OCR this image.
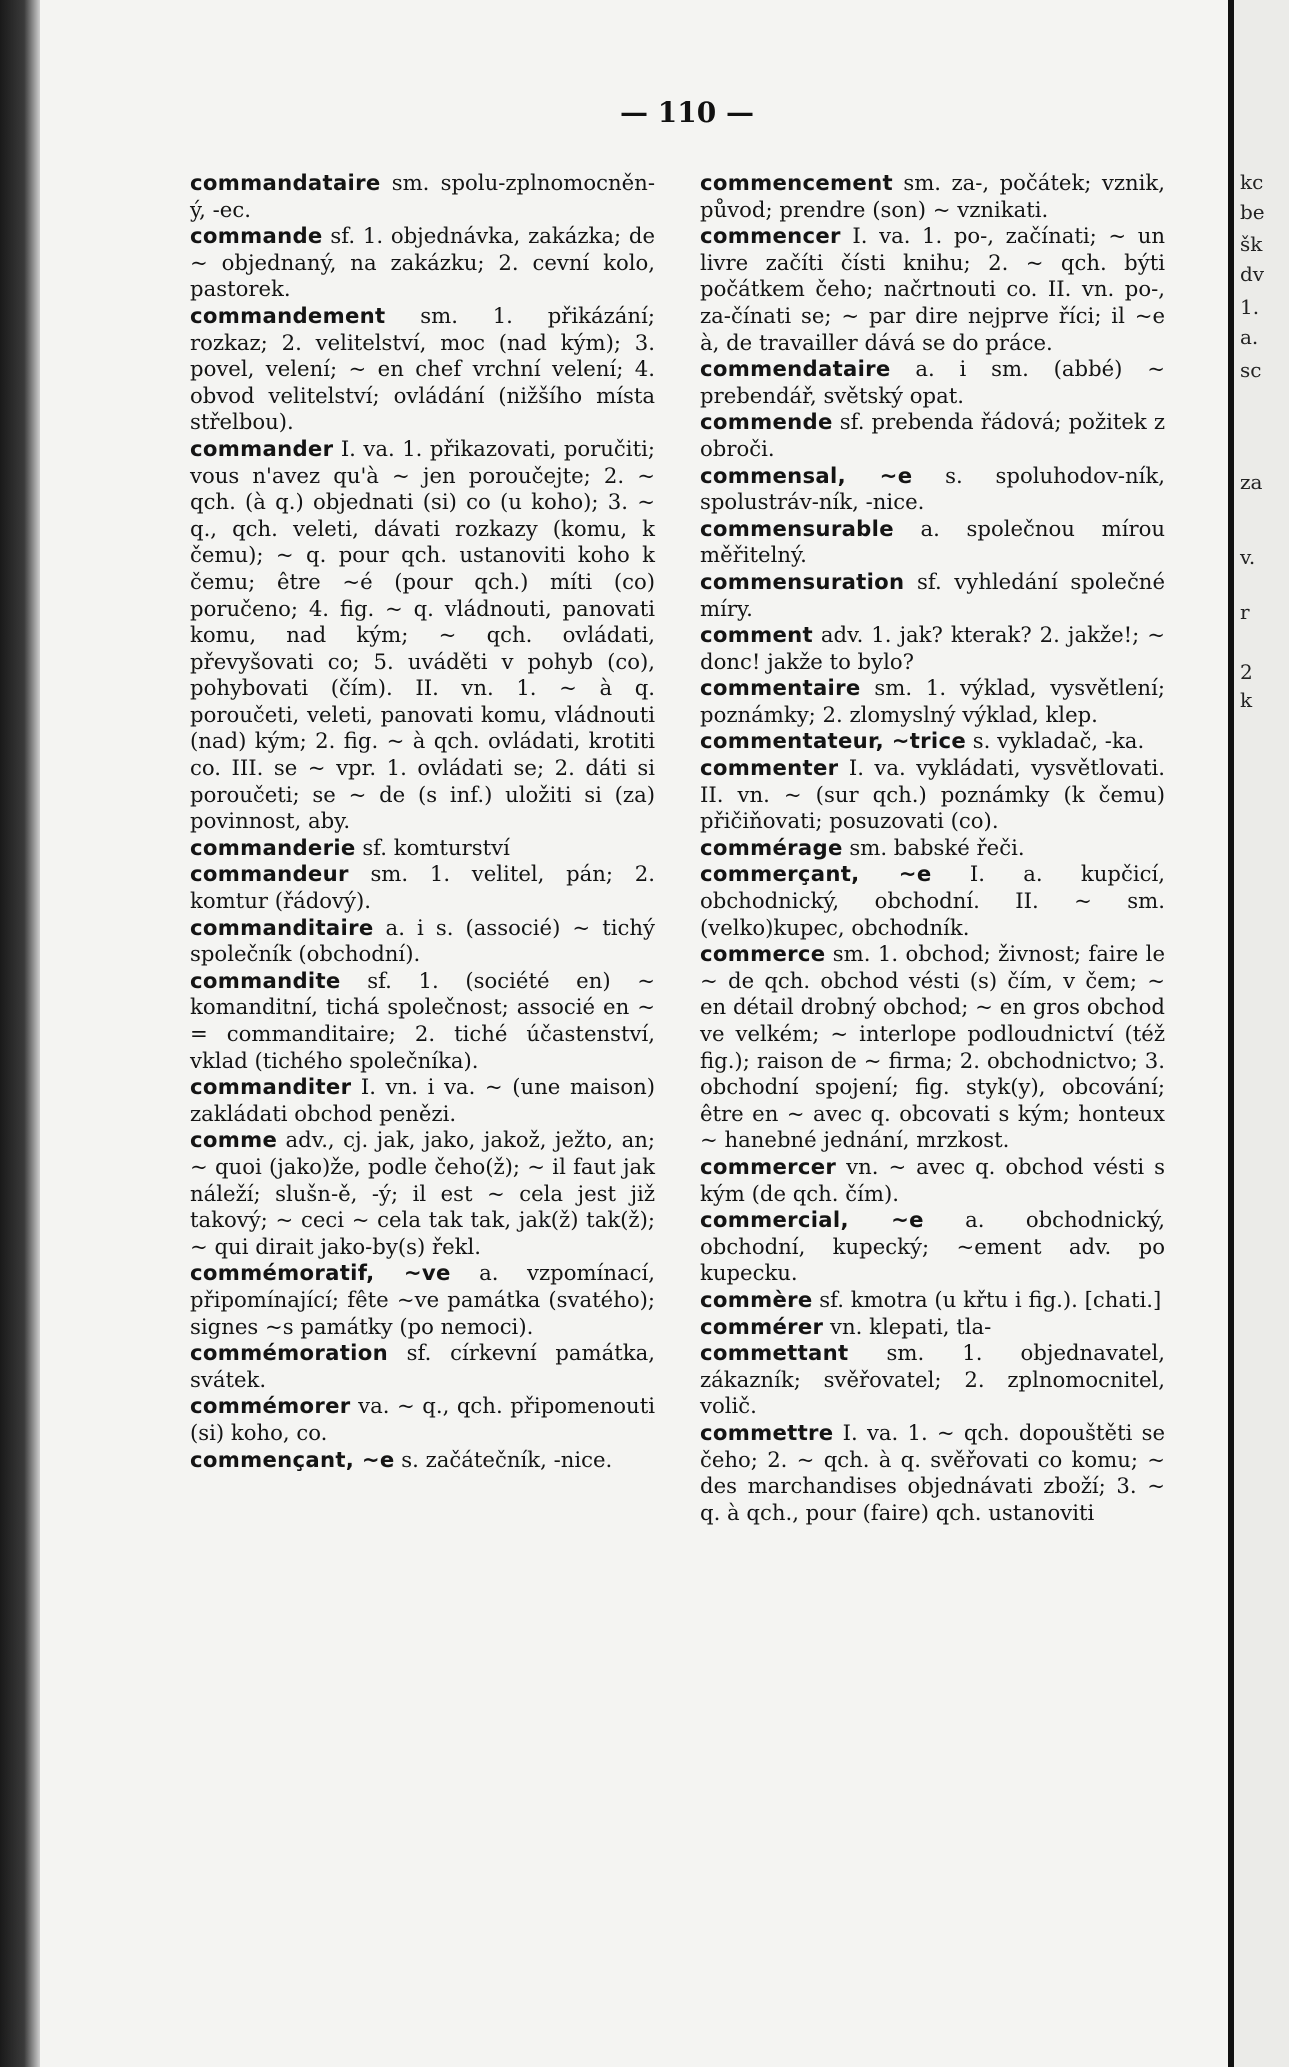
— 110 —

commandataire sm. spolu-zplnomocněn-ý, -ec.

commande sf. 1. objednávka, zakázka; de ~ objednaný, na zakázku; 2. cevní kolo, pastorek.

commandement sm. 1. přikázání; rozkaz; 2. velitelství, moc (nad kým); 3. povel, velení; ~ en chef vrchní velení; 4. obvod velitelství; ovládání (nižšího místa střelbou).

commander I. va. 1. přikazovati, poručiti; vous n'avez qu'à ~ jen poroučejte; 2. ~ qch. (à q.) objednati (si) co (u koho); 3. ~ q., qch. veleti, dávati rozkazy (komu, k čemu); ~ q. pour qch. ustanoviti koho k čemu; être ~é (pour qch.) míti (co) poručeno; 4. fig. ~ q. vládnouti, panovati komu, nad kým; ~ qch. ovládati, převyšovati co; 5. uváděti v pohyb (co), pohybovati (čím). II. vn. 1. ~ à q. poroučeti, veleti, panovati komu, vládnouti (nad) kým; 2. fig. ~ à qch. ovládati, krotiti co. III. se ~ vpr. 1. ovládati se; 2. dáti si poroučeti; se ~ de (s inf.) uložiti si (za) povinnost, aby.

commanderie sf. komturství

commandeur sm. 1. velitel, pán; 2. komtur (řádový).

commanditaire a. i s. (associé) ~ tichý společník (obchodní).

commandite sf. 1. (société en) ~ komanditní, tichá společnost; associé en ~ = commanditaire; 2. tiché účastenství, vklad (tichého společníka).

commanditer I. vn. i va. ~ (une maison) zakládati obchod penězi.

comme adv., cj. jak, jako, jakož, ježto, an; ~ quoi (jako)že, podle čeho(ž); ~ il faut jak náleží; slušn-ě, -ý; il est ~ cela jest již takový; ~ ceci ~ cela tak tak, jak(ž) tak(ž); ~ qui dirait jako-by(s) řekl.

commémoratif, ~ve a. vzpomínací, připomínající; fête ~ve památka (svatého); signes ~s památky (po nemoci).

commémoration sf. církevní památka, svátek.

commémorer va. ~ q., qch. připomenouti (si) koho, co.

commençant, ~e s. začátečník, -nice.

commencement sm. za-, počátek; vznik, původ; prendre (son) ~ vznikati.

commencer I. va. 1. po-, začínati; ~ un livre začíti čísti knihu; 2. ~ qch. býti počátkem čeho; načrtnouti co. II. vn. po-, za-čínati se; ~ par dire nejprve říci; il ~e à, de travailler dává se do práce.

commendataire a. i sm. (abbé) ~ prebendář, světský opat.

commende sf. prebenda řádová; požitek z obroči.

commensal, ~e s. spoluhodov-ník, spolustráv-ník, -nice.

commensurable a. společnou mírou měřitelný.

commensuration sf. vyhledání společné míry.

comment adv. 1. jak? kterak? 2. jakže!; ~ donc! jakže to bylo?

commentaire sm. 1. výklad, vysvětlení; poznámky; 2. zlomyslný výklad, klep.

commentateur, ~trice s. vykladač, -ka.

commenter I. va. vykládati, vysvětlovati. II. vn. ~ (sur qch.) poznámky (k čemu) přičiňovati; posuzovati (co).

commérage sm. babské řeči.

commerçant, ~e I. a. kupčicí, obchodnický, obchodní. II. ~ sm. (velko)kupec, obchodník.

commerce sm. 1. obchod; živnost; faire le ~ de qch. obchod vésti (s) čím, v čem; ~ en détail drobný obchod; ~ en gros obchod ve velkém; ~ interlope podloudnictví (též fig.); raison de ~ firma; 2. obchodnictvo; 3. obchodní spojení; fig. styk(y), obcování; être en ~ avec q. obcovati s kým; honteux ~ hanebné jednání, mrzkost.

commercer vn. ~ avec q. obchod vésti s kým (de qch. čím).

commercial, ~e a. obchodnický, obchodní, kupecký; ~ement adv. po kupecku.

commère sf. kmotra (u křtu i fig.). [chati.]

commérer vn. klepati, tla-

commettant sm. 1. objednavatel, zákazník; svěřovatel; 2. zplnomocnitel, volič.

commettre I. va. 1. ~ qch. dopouštěti se čeho; 2. ~ qch. à q. svěřovati co komu; ~ des marchandises objednávati zboží; 3. ~ q. à qch., pour (faire) qch. ustanoviti

kc
be
šk
dv
1.
a.
sc
za
v.
r
2
k
